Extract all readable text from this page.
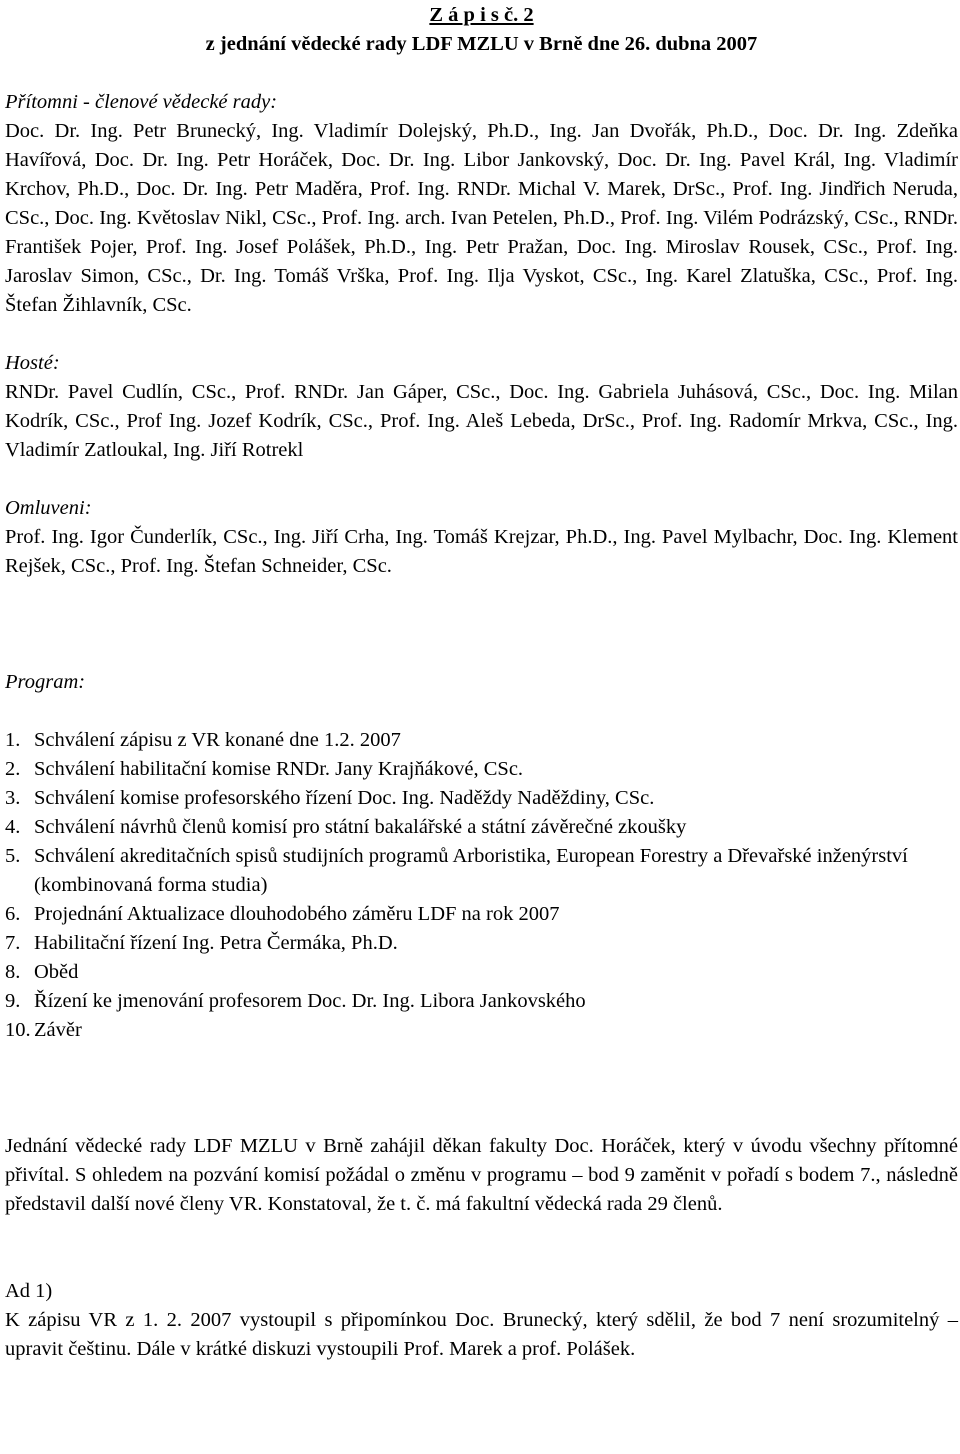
Z á p i s č. 2
z jednání vědecké rady LDF MZLU v Brně dne 26. dubna 2007
Přítomni - členové vědecké rady:

Doc. Dr. Ing. Petr Brunecký, Ing. Vladimír Dolejský, Ph.D., Ing. Jan Dvořák, Ph.D., Doc. Dr. Ing. Zdeňka Havířová, Doc. Dr. Ing. Petr Horáček, Doc. Dr. Ing. Libor Jankovský, Doc. Dr. Ing. Pavel Král, Ing. Vladimír Krchov, Ph.D., Doc. Dr. Ing. Petr Maděra, Prof. Ing. RNDr. Michal V. Marek, DrSc., Prof. Ing. Jindřich Neruda, CSc., Doc. Ing. Květoslav Nikl, CSc., Prof. Ing. arch. Ivan Petelen, Ph.D., Prof. Ing. Vilém Podrázský, CSc., RNDr. František Pojer, Prof. Ing. Josef Polášek, Ph.D., Ing. Petr Pražan, Doc. Ing. Miroslav Rousek, CSc., Prof. Ing. Jaroslav Simon, CSc., Dr. Ing. Tomáš Vrška, Prof. Ing. Ilja Vyskot, CSc., Ing. Karel Zlatuška, CSc., Prof. Ing. Štefan Žihlavník, CSc.

Hosté:

RNDr. Pavel Cudlín, CSc., Prof. RNDr. Jan Gáper, CSc., Doc. Ing. Gabriela Juhásová, CSc., Doc. Ing. Milan Kodrík, CSc., Prof Ing. Jozef Kodrík, CSc., Prof. Ing. Aleš Lebeda, DrSc., Prof. Ing. Radomír Mrkva, CSc., Ing. Vladimír Zatloukal, Ing. Jiří Rotrekl

Omluveni:

Prof. Ing. Igor Čunderlík, CSc., Ing. Jiří Crha, Ing. Tomáš Krejzar, Ph.D., Ing. Pavel Mylbachr, Doc. Ing. Klement Rejšek, CSc., Prof. Ing. Štefan Schneider, CSc.

Program:
1. Schválení zápisu z VR konané dne 1.2. 2007
2. Schválení habilitační komise RNDr. Jany Krajňákové, CSc.
3. Schválení komise profesorského řízení Doc. Ing. Naděždy Naděždiny, CSc.
4. Schválení návrhů členů komisí pro státní bakalářské a státní závěrečné zkoušky
5. Schválení akreditačních spisů studijních programů Arboristika, European Forestry a Dřevařské inženýrství (kombinovaná forma studia)
6. Projednání Aktualizace dlouhodobého záměru LDF na rok 2007
7. Habilitační řízení Ing. Petra Čermáka, Ph.D.
8. Oběd
9. Řízení ke jmenování profesorem Doc. Dr. Ing. Libora Jankovského
10. Závěr

Jednání vědecké rady LDF MZLU v Brně zahájil děkan fakulty Doc. Horáček, který v úvodu všechny přítomné přivítal. S ohledem na pozvání komisí požádal o změnu v programu – bod 9 zaměnit v pořadí s bodem 7., následně představil další nové členy VR. Konstatoval, že t. č. má fakultní vědecká rada 29 členů.

Ad 1)

K zápisu VR z 1. 2. 2007 vystoupil s připomínkou Doc. Brunecký, který sdělil, že bod 7 není srozumitelný – upravit češtinu. Dále v krátké diskuzi vystoupili Prof. Marek a prof. Polášek.
